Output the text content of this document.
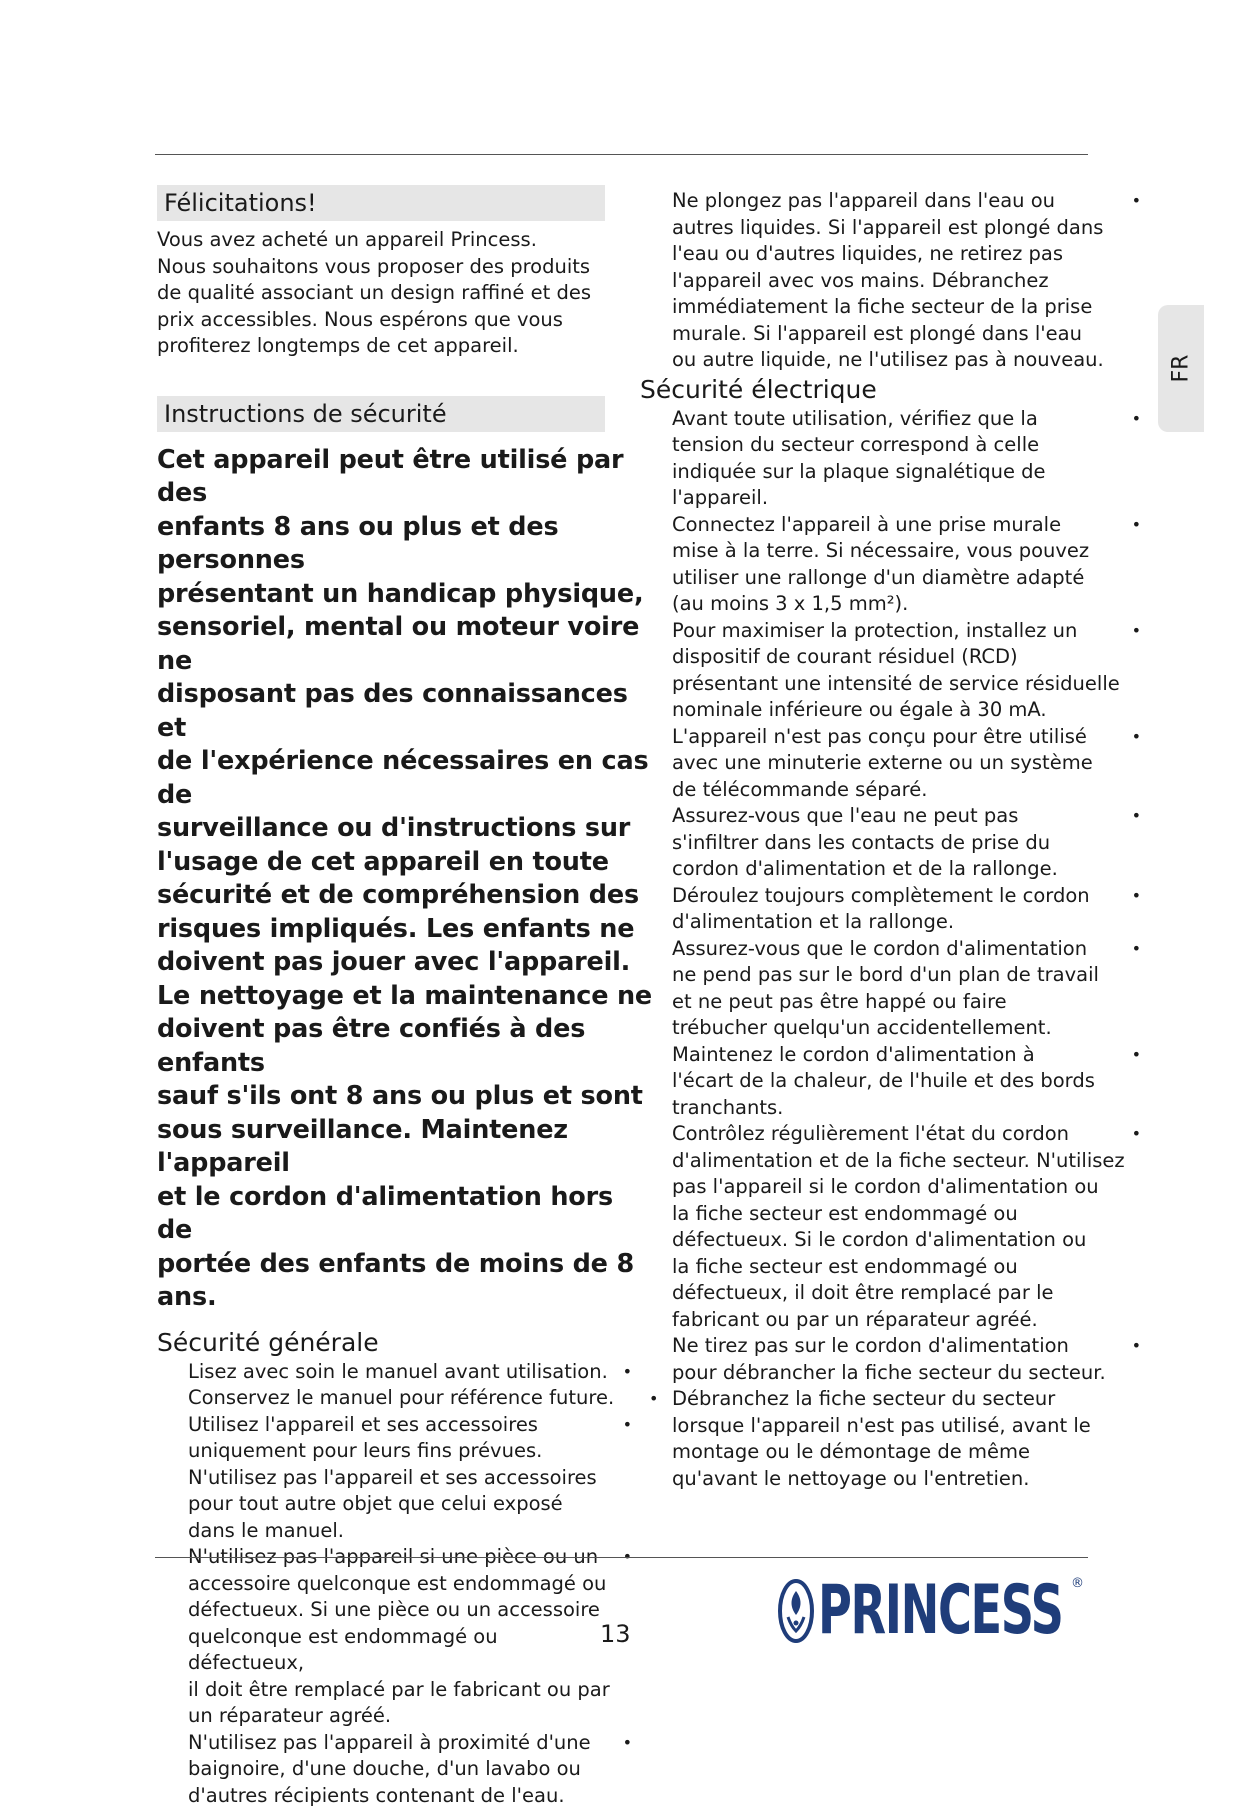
Félicitations!
Vous avez acheté un appareil Princess.
Nous souhaitons vous proposer des produits
de qualité associant un design raffiné et des
prix accessibles. Nous espérons que vous
profiterez longtemps de cet appareil.
Instructions de sécurité
Cet appareil peut être utilisé par des
enfants 8 ans ou plus et des personnes
présentant un handicap physique,
sensoriel, mental ou moteur voire ne
disposant pas des connaissances et
de l'expérience nécessaires en cas de
surveillance ou d'instructions sur
l'usage de cet appareil en toute
sécurité et de compréhension des
risques impliqués. Les enfants ne
doivent pas jouer avec l'appareil.
Le nettoyage et la maintenance ne
doivent pas être confiés à des enfants
sauf s'ils ont 8 ans ou plus et sont
sous surveillance. Maintenez l'appareil
et le cordon d'alimentation hors de
portée des enfants de moins de 8 ans.
Sécurité générale
Lisez avec soin le manuel avant utilisation. •
Conservez le manuel pour référence future.
Utilisez l'appareil et ses accessoires	•
uniquement pour leurs fins prévues.
N'utilisez pas l'appareil et ses accessoires
pour tout autre objet que celui exposé
dans le manuel.
N'utilisez pas l'appareil si une pièce ou un	•
accessoire quelconque est endommagé ou
défectueux. Si une pièce ou un accessoire
quelconque est endommagé ou défectueux,
il doit être remplacé par le fabricant ou par
un réparateur agréé.
N'utilisez pas l'appareil à proximité d'une	•
baignoire, d'une douche, d'un lavabo ou
d'autres récipients contenant de l'eau.
Ne plongez pas l'appareil dans l'eau ou	•
autres liquides. Si l'appareil est plongé dans
l'eau ou d'autres liquides, ne retirez pas
l'appareil avec vos mains. Débranchez
immédiatement la fiche secteur de la prise
murale. Si l'appareil est plongé dans l'eau
ou autre liquide, ne l'utilisez pas à nouveau.
Sécurité électrique
Avant toute utilisation, vérifiez que la	•
tension du secteur correspond à celle
indiquée sur la plaque signalétique de
l'appareil.
Connectez l'appareil à une prise murale	•
mise à la terre. Si nécessaire, vous pouvez
utiliser une rallonge d'un diamètre adapté
(au moins 3 x 1,5 mm²).
Pour maximiser la protection, installez un	•
dispositif de courant résiduel (RCD)
présentant une intensité de service résiduelle
nominale inférieure ou égale à 30 mA.
L'appareil n'est pas conçu pour être utilisé	•
avec une minuterie externe ou un système
de télécommande séparé.
Assurez-vous que l'eau ne peut pas	•
s'infiltrer dans les contacts de prise du
cordon d'alimentation et de la rallonge.
Déroulez toujours complètement le cordon	•
d'alimentation et la rallonge.
Assurez-vous que le cordon d'alimentation	•
ne pend pas sur le bord d'un plan de travail
et ne peut pas être happé ou faire
trébucher quelqu'un accidentellement.
Maintenez le cordon d'alimentation à	•
l'écart de la chaleur, de l'huile et des bords
tranchants.
Contrôlez régulièrement l'état du cordon	•
d'alimentation et de la fiche secteur. N'utilisez
pas l'appareil si le cordon d'alimentation ou
la fiche secteur est endommagé ou
défectueux. Si le cordon d'alimentation ou
la fiche secteur est endommagé ou
défectueux, il doit être remplacé par le
fabricant ou par un réparateur agréé.
Ne tirez pas sur le cordon d'alimentation	•
pour débrancher la fiche secteur du secteur.
• Débranchez la fiche secteur du secteur
lorsque l'appareil n'est pas utilisé, avant le
montage ou le démontage de même
qu'avant le nettoyage ou l'entretien.
FR
13	PRINCESS ®
